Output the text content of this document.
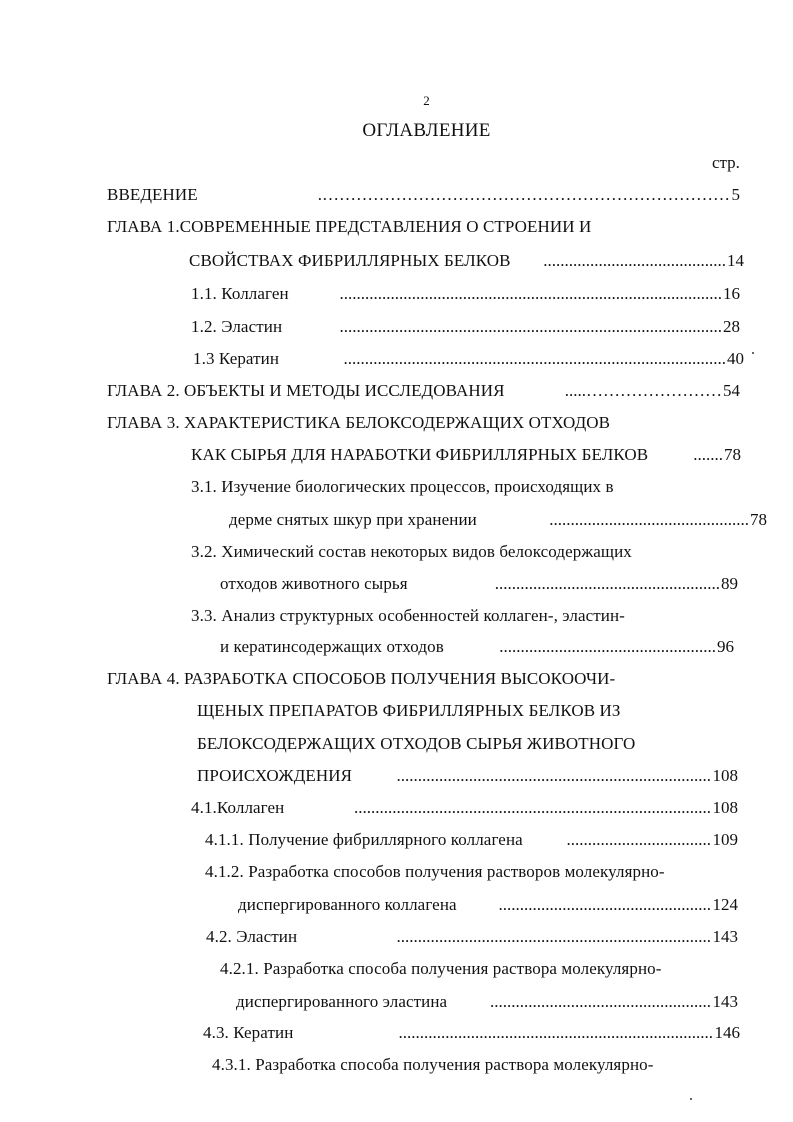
2
ОГЛАВЛЕНИЕ
стр.
ВВЕДЕНИЕ	5
……………………………………………………………….
ГЛАВА 1.СОВРЕМЕННЫЕ ПРЕДСТАВЛЕНИЯ О СТРОЕНИИ И
СВОЙСТВАХ ФИБРИЛЛЯРНЫХ БЕЛКОВ	14
...........................................
1.1. Коллаген	16
..........................................................................................
1.2. Эластин	28
..........................................................................................
1.3 Кератин	40
..........................................................................................
ГЛАВА 2. ОБЪЕКТЫ И МЕТОДЫ ИССЛЕДОВАНИЯ	54
…………………….....
ГЛАВА 3. ХАРАКТЕРИСТИКА БЕЛОКСОДЕРЖАЩИХ ОТХОДОВ
КАК СЫРЬЯ ДЛЯ НАРАБОТКИ ФИБРИЛЛЯРНЫХ БЕЛКОВ	78
.......
3.1. Изучение биологических процессов, происходящих в
дерме снятых шкур при хранении	78
...............................................
3.2. Химический состав некоторых видов белоксодержащих
отходов животного сырья	89
.....................................................
3.3. Анализ структурных особенностей коллаген-, эластин-
и кератинсодержащих отходов	96
...................................................
ГЛАВА 4. РАЗРАБОТКА СПОСОБОВ ПОЛУЧЕНИЯ ВЫСОКООЧИ-
ЩЕНЫХ ПРЕПАРАТОВ ФИБРИЛЛЯРНЫХ БЕЛКОВ ИЗ
БЕЛОКСОДЕРЖАЩИХ ОТХОДОВ СЫРЬЯ ЖИВОТНОГО
ПРОИСХОЖДЕНИЯ	108
..........................................................................
4.1.Коллаген	108
....................................................................................
4.1.1. Получение фибриллярного коллагена	109
..................................
4.1.2. Разработка способов получения растворов молекулярно-
диспергированного коллагена	124
..................................................
4.2. Эластин	143
..........................................................................
4.2.1. Разработка способа получения раствора молекулярно-
диспергированного эластина	143
....................................................
4.3. Кератин	146
..........................................................................
4.3.1. Разработка способа получения раствора молекулярно-
